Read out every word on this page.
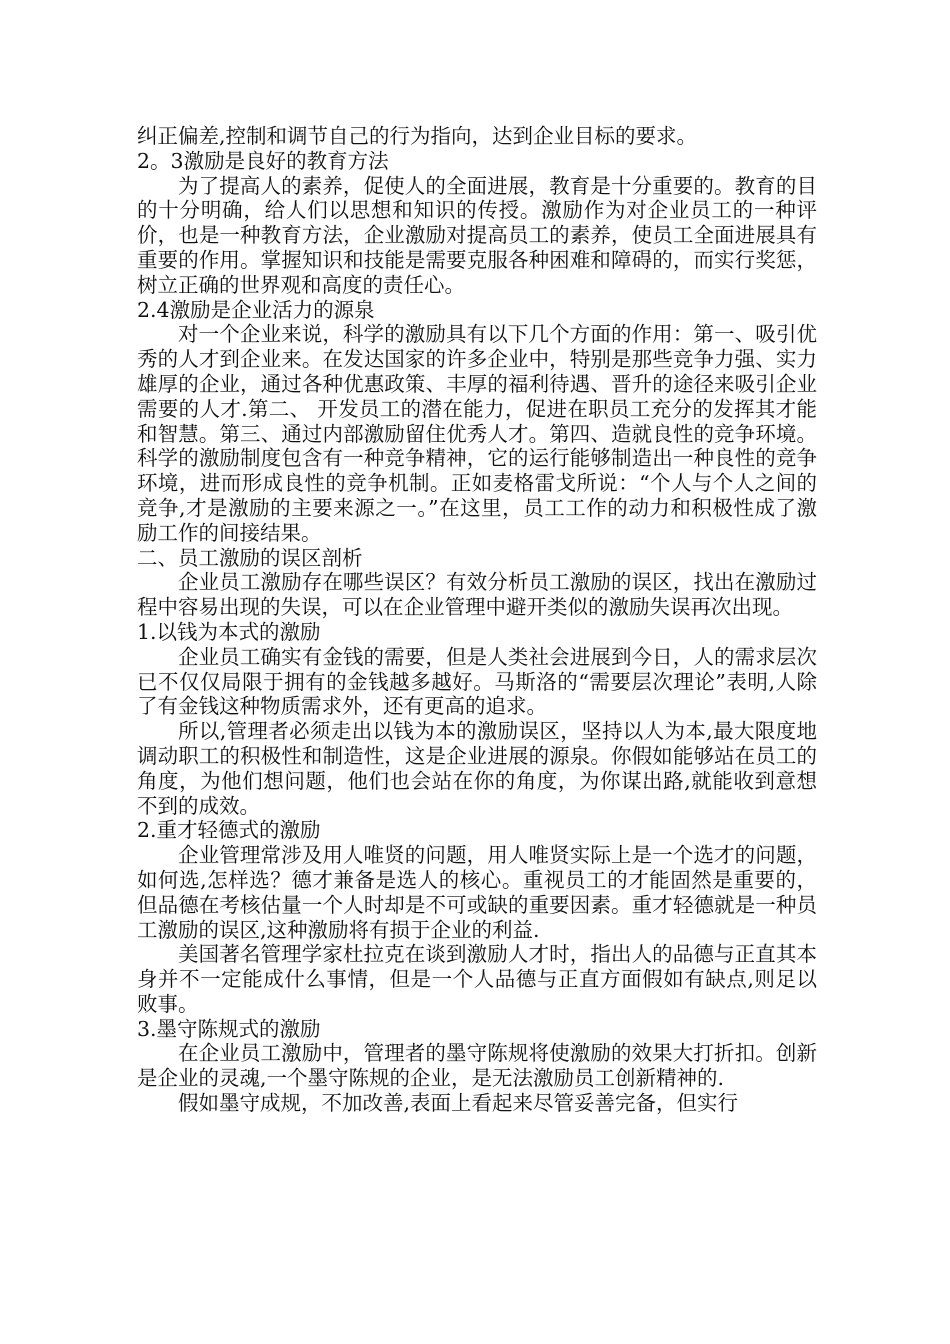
纠正偏差,控制和调节自己的行为指向，达到企业目标的要求。

2。3激励是良好的教育方法

为了提高人的素养，促使人的全面进展，教育是十分重要的。教育的目的十分明确，给人们以思想和知识的传授。激励作为对企业员工的一种评价，也是一种教育方法，企业激励对提高员工的素养，使员工全面进展具有重要的作用。掌握知识和技能是需要克服各种困难和障碍的，而实行奖惩，树立正确的世界观和高度的责任心。

2.4激励是企业活力的源泉

对一个企业来说，科学的激励具有以下几个方面的作用：第一、吸引优秀的人才到企业来。在发达国家的许多企业中，特别是那些竞争力强、实力雄厚的企业，通过各种优惠政策、丰厚的福利待遇、晋升的途径来吸引企业需要的人才.第二、 开发员工的潜在能力，促进在职员工充分的发挥其才能和智慧。第三、通过内部激励留住优秀人才。第四、造就良性的竞争环境。科学的激励制度包含有一种竞争精神，它的运行能够制造出一种良性的竞争环境，进而形成良性的竞争机制。正如麦格雷戈所说：“个人与个人之间的竞争,才是激励的主要来源之一。”在这里，员工工作的动力和积极性成了激励工作的间接结果。

二、员工激励的误区剖析

企业员工激励存在哪些误区？有效分析员工激励的误区，找出在激励过程中容易出现的失误，可以在企业管理中避开类似的激励失误再次出现。

1.以钱为本式的激励

企业员工确实有金钱的需要，但是人类社会进展到今日，人的需求层次已不仅仅局限于拥有的金钱越多越好。马斯洛的“需要层次理论”表明,人除了有金钱这种物质需求外，还有更高的追求。

所以,管理者必须走出以钱为本的激励误区，坚持以人为本,最大限度地调动职工的积极性和制造性，这是企业进展的源泉。你假如能够站在员工的角度，为他们想问题，他们也会站在你的角度，为你谋出路,就能收到意想不到的成效。

2.重才轻德式的激励

企业管理常涉及用人唯贤的问题，用人唯贤实际上是一个选才的问题，如何选,怎样选？德才兼备是选人的核心。重视员工的才能固然是重要的，但品德在考核估量一个人时却是不可或缺的重要因素。重才轻德就是一种员工激励的误区,这种激励将有损于企业的利益.

美国著名管理学家杜拉克在谈到激励人才时，指出人的品德与正直其本身并不一定能成什么事情，但是一个人品德与正直方面假如有缺点,则足以败事。

3.墨守陈规式的激励

在企业员工激励中，管理者的墨守陈规将使激励的效果大打折扣。创新是企业的灵魂,一个墨守陈规的企业，是无法激励员工创新精神的.

假如墨守成规，不加改善,表面上看起来尽管妥善完备，但实行
